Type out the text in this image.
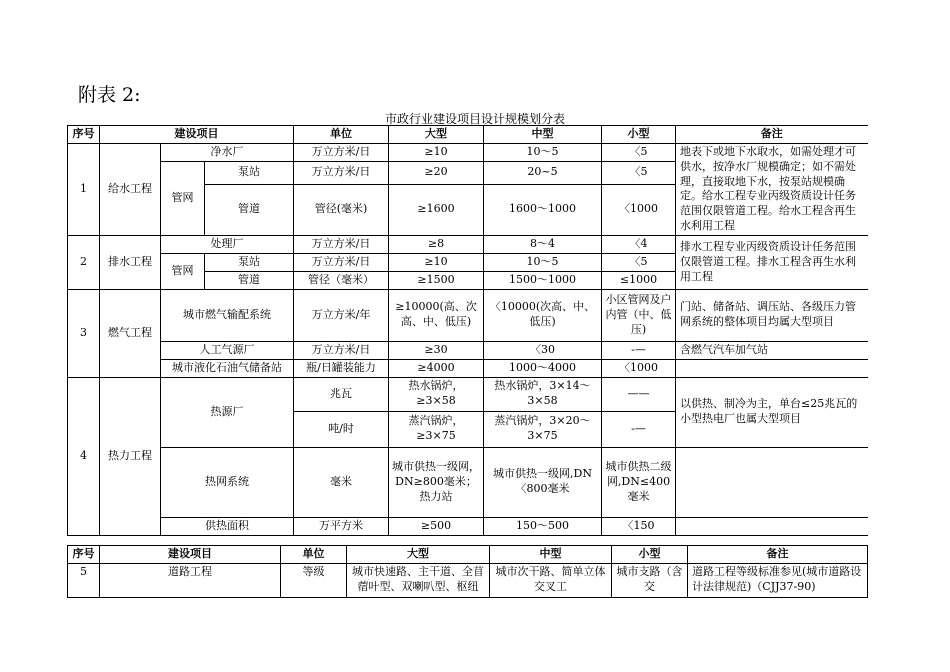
附表 2:
市政行业建设项目设计规模划分表
序号	建设项目			单位	大型	中型	小型	备注
1	给水工程	净水厂		万立方米/日	≥10	10～5	〈5	地表下或地下水取水，如需处理才可供水，按净水厂规模确定；如不需处理，直接取地下水，按泵站规模确定。给水工程专业丙级资质设计任务范围仅限管道工程。给水工程含再生水利用工程
		管网	泵站	万立方米/日	≥20	20~5	〈5	
			管道	管径(毫米)	≥1600	1600～1000	〈1000	
2	排水工程	处理厂		万立方米/日	≥8	8～4	〈4	排水工程专业丙级资质设计任务范围仅限管道工程。排水工程含再生水利用工程
		管网	泵站	万立方米/日	≥10	10～5	〈5	
			管道	管径（毫米）	≥1500	1500～1000	≤1000	
3	燃气工程	城市燃气输配系统		万立方米/年	≥10000(高、次高、中、低压)	〈10000(次高、中、低压)	小区管网及户内管（中、低压)	门站、储备站、调压站、各级压力管网系统的整体项目均属大型项目
		人工气源厂		万立方米/日	≥30	〈30	-—	含燃气汽车加气站
		城市液化石油气储备站		瓶/日罐装能力	≥4000	1000～4000	〈1000	
4	热力工程	热源厂		兆瓦	热水锅炉，≥3×58	热水锅炉，3×14～3×58	——	以供热、制冷为主，单台≤25兆瓦的小型热电厂也属大型项目
				吨/时	蒸汽锅炉，≥3×75	蒸汽锅炉，3×20～3×75	-—	
		热网系统		毫米	城市供热一级网，DN≥800毫米；热力站	城市供热一级网,DN〈800毫米	城市供热二级网,DN≤400毫米	
		供热面积		万平方米	≥500	150～500	〈150	
序号	建设项目	单位	大型	中型	小型	备注
5	道路工程	等级	城市快速路、主干道、全苜蓿叶型、双喇叭型、枢纽	城市次干路、简单立体交叉工	城市支路（含交	道路工程等级标准参见(城市道路设计法律规范)（CJJ37-90)
